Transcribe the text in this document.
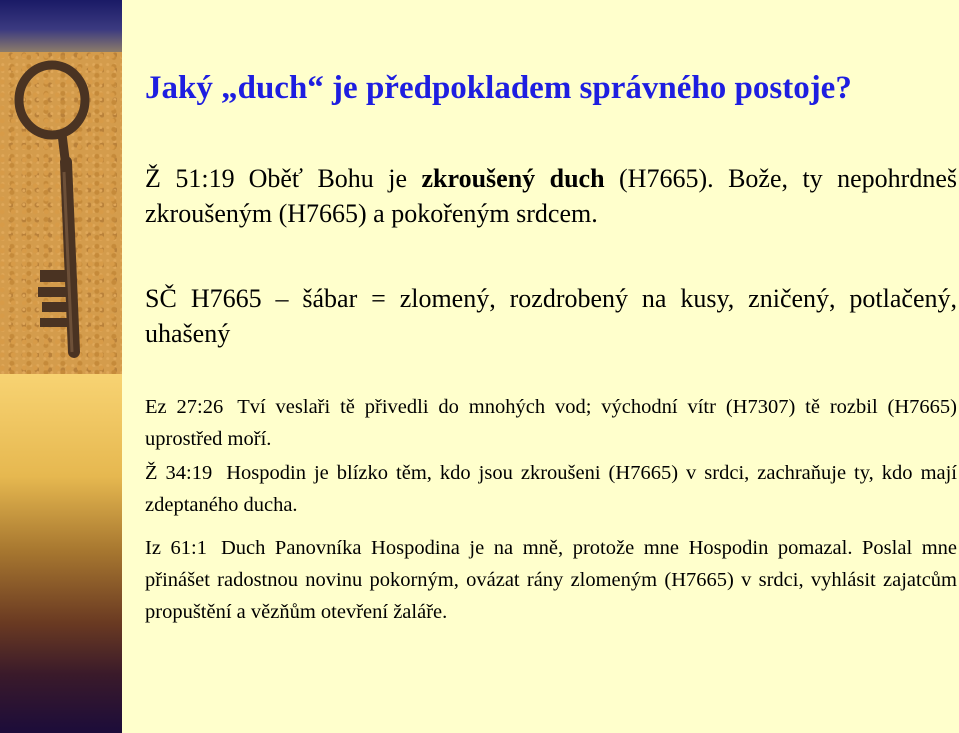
Jaký „duch“ je předpokladem správného postoje?
Ž 51:19 Oběť Bohu je zkroušený duch (H7665). Bože, ty nepohrdneš zkroušeným (H7665) a pokořeným srdcem.
SČ H7665 – šábar = zlomený, rozdrobený na kusy, zničený, potlačený, uhašený
Ez 27:26 Tví veslaři tě přivedli do mnohých vod; východní vítr (H7307) tě rozbil (H7665) uprostřed moří.
Ž 34:19 Hospodin je blízko těm, kdo jsou zkroušeni (H7665) v srdci, zachraňuje ty, kdo mají zdeptaného ducha.
Iz 61:1 Duch Panovníka Hospodina je na mně, protože mne Hospodin pomazal. Poslal mne přinášet radostnou novinu pokorným, ovázat rány zlomeným (H7665) v srdci, vyhlásit zajatcům propuštění a vězňům otevření žaláře.
